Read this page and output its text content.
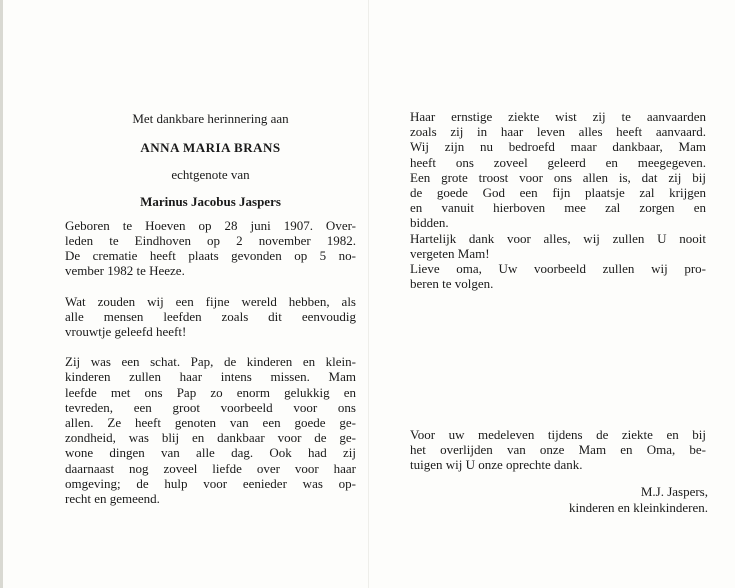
Met dankbare herinnering aan
ANNA MARIA BRANS
echtgenote van
Marinus Jacobus Jaspers
Geboren te Hoeven op 28 juni 1907. Over-
leden te Eindhoven op 2 november 1982.
De crematie heeft plaats gevonden op 5 no-
vember 1982 te Heeze.
Wat zouden wij een fijne wereld hebben, als
alle mensen leefden zoals dit eenvoudig
vrouwtje geleefd heeft!
Zij was een schat. Pap, de kinderen en klein-
kinderen zullen haar intens missen. Mam
leefde met ons Pap zo enorm gelukkig en
tevreden, een groot voorbeeld voor ons
allen. Ze heeft genoten van een goede ge-
zondheid, was blij en dankbaar voor de ge-
wone dingen van alle dag. Ook had zij
daarnaast nog zoveel liefde over voor haar
omgeving; de hulp voor eenieder was op-
recht en gemeend.
Haar ernstige ziekte wist zij te aanvaarden
zoals zij in haar leven alles heeft aanvaard.
Wij zijn nu bedroefd maar dankbaar, Mam
heeft ons zoveel geleerd en meegegeven.
Een grote troost voor ons allen is, dat zij bij
de goede God een fijn plaatsje zal krijgen
en vanuit hierboven mee zal zorgen en
bidden.
Hartelijk dank voor alles, wij zullen U nooit
vergeten Mam!
Lieve oma, Uw voorbeeld zullen wij pro-
beren te volgen.
Voor uw medeleven tijdens de ziekte en bij
het overlijden van onze Mam en Oma, be-
tuigen wij U onze oprechte dank.
M.J. Jaspers,
kinderen en kleinkinderen.
